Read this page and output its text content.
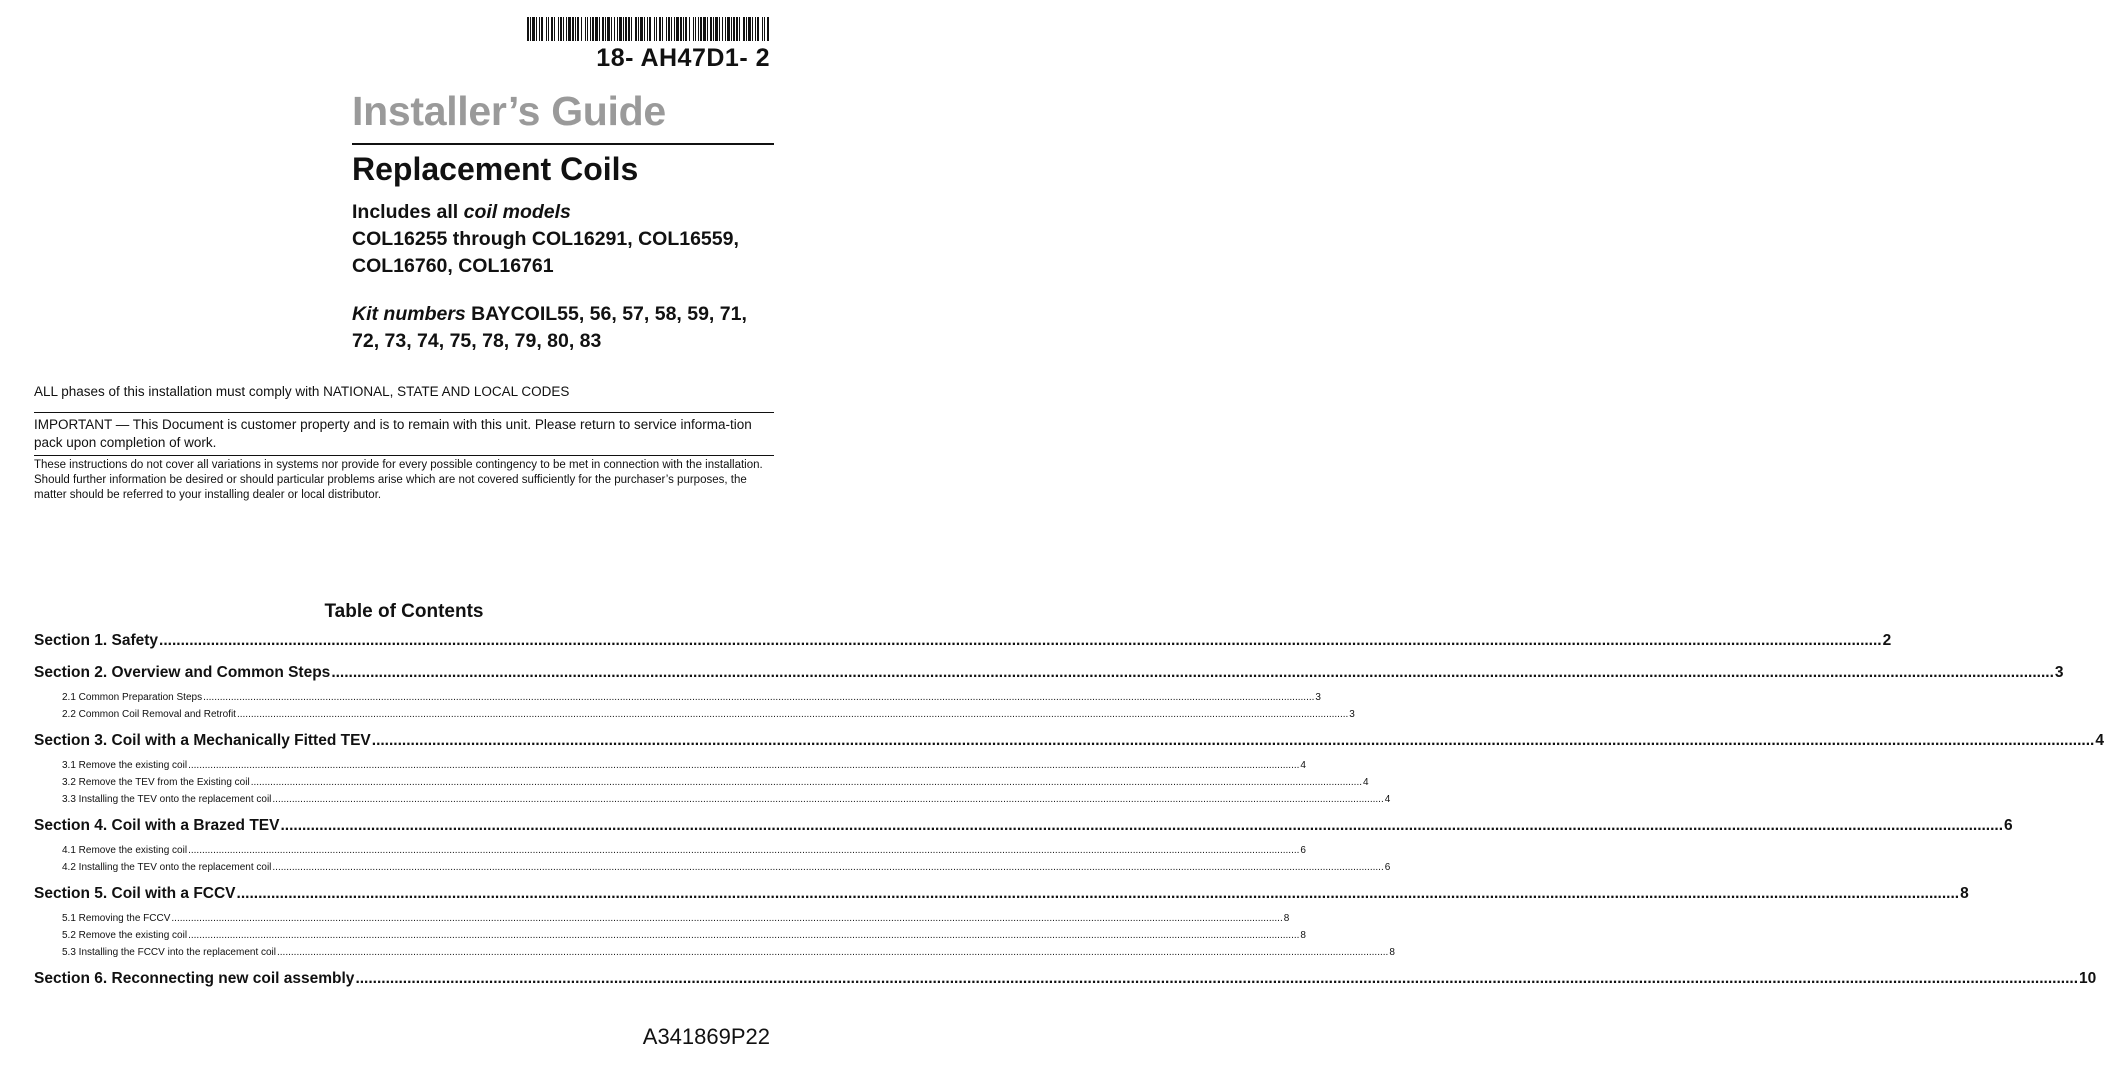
18- AH47D1- 2
Installer’s Guide
Replacement Coils
Includes all coil models
COL16255 through COL16291, COL16559,
COL16760, COL16761
Kit numbers BAYCOIL55, 56, 57, 58, 59, 71,
72, 73, 74, 75, 78, 79, 80, 83
ALL phases of this installation must comply with NATIONAL, STATE AND LOCAL CODES
IMPORTANT — This Document is customer property and is to remain with this unit. Please return to service informa-tion pack upon completion of work.
These instructions do not cover all variations in systems nor provide for every possible contingency to be met in connection with the installation. Should further information be desired or should particular problems arise which are not covered sufficiently for the purchaser’s purposes, the matter should be referred to your installing dealer or local distributor.
Table of Contents
Section 1. Safety ................................................................................................................................................................................................................................................................................................................................................................................................................ 2
Section 2. Overview and Common Steps ................................................................................................................................................................................................................................................................................................................................................................................................................ 3
2.1 Common Preparation Steps ................................................................................................................................................................................................................................................................................................................................................................................................................ 3
2.2 Common Coil Removal and Retrofit ................................................................................................................................................................................................................................................................................................................................................................................................................ 3
Section 3. Coil with a Mechanically Fitted TEV ................................................................................................................................................................................................................................................................................................................................................................................................................ 4
3.1 Remove the existing coil ................................................................................................................................................................................................................................................................................................................................................................................................................ 4
3.2 Remove the TEV from the Existing coil ................................................................................................................................................................................................................................................................................................................................................................................................................ 4
3.3 Installing the TEV onto the replacement coil ................................................................................................................................................................................................................................................................................................................................................................................................................ 4
Section 4. Coil with a Brazed TEV ................................................................................................................................................................................................................................................................................................................................................................................................................ 6
4.1 Remove the existing coil ................................................................................................................................................................................................................................................................................................................................................................................................................ 6
4.2 Installing the TEV onto the replacement coil ................................................................................................................................................................................................................................................................................................................................................................................................................ 6
Section 5. Coil with a FCCV ................................................................................................................................................................................................................................................................................................................................................................................................................ 8
5.1 Removing the FCCV ................................................................................................................................................................................................................................................................................................................................................................................................................ 8
5.2 Remove the existing coil ................................................................................................................................................................................................................................................................................................................................................................................................................ 8
5.3 Installing the FCCV into the replacement coil ................................................................................................................................................................................................................................................................................................................................................................................................................ 8
Section 6. Reconnecting new coil assembly ................................................................................................................................................................................................................................................................................................................................................................................................................ 10
A341869P22
